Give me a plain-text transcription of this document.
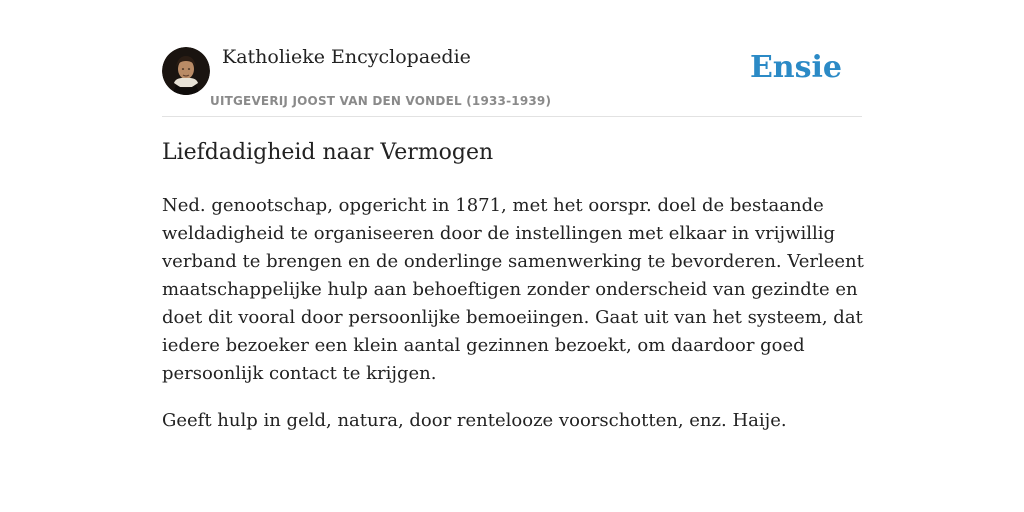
Katholieke Encyclopaedie
UITGEVERIJ JOOST VAN DEN VONDEL (1933-1939)
Ensie
Liefdadigheid naar Vermogen

Ned. genootschap, opgericht in 1871, met het oorspr. doel de bestaande weldadigheid te organiseeren door de instellingen met elkaar in vrijwillig verband te brengen en de onderlinge samenwerking te bevorderen. Verleent maatschappelijke hulp aan behoeftigen zonder onderscheid van gezindte en doet dit vooral door persoonlijke bemoeiingen. Gaat uit van het systeem, dat iedere bezoeker een klein aantal gezinnen bezoekt, om daardoor goed persoonlijk contact te krijgen.

Geeft hulp in geld, natura, door rentelooze voorschotten, enz. Haije.
